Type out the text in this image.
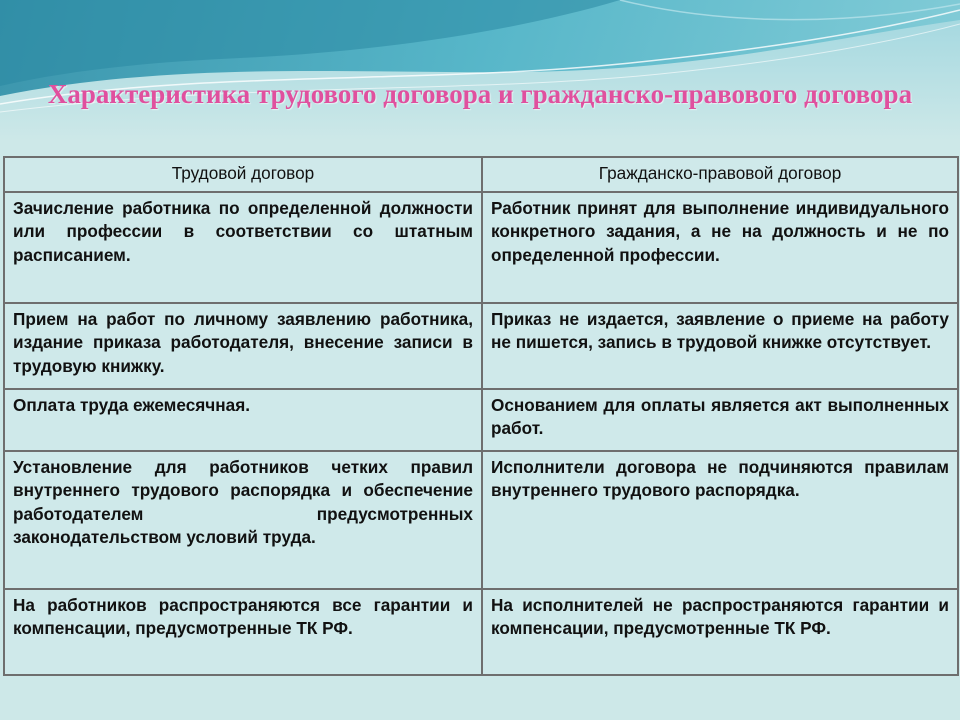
Характеристика трудового договора и гражданско-правового договора
Трудовой договор	Гражданско-правовой договор
Зачисление работника по определенной должности или профессии в соответствии со штатным расписанием.	Работник принят для выполнение индивидуального конкретного задания, а не на должность и не по определенной профессии.
Прием на работ по личному заявлению работника, издание приказа работодателя, внесение записи в трудовую книжку.	Приказ не издается, заявление о приеме на работу не пишется, запись в трудовой книжке отсутствует.
Оплата труда ежемесячная.	Основанием для оплаты является акт выполненных работ.
Установление для работников четких правил внутреннего трудового распорядка и обеспечение работодателем предусмотренных законодательством условий труда.	Исполнители договора не подчиняются правилам внутреннего трудового распорядка.
На работников распространяются все гарантии и компенсации, предусмотренные ТК РФ.	На исполнителей не распространяются гарантии и компенсации, предусмотренные ТК РФ.
